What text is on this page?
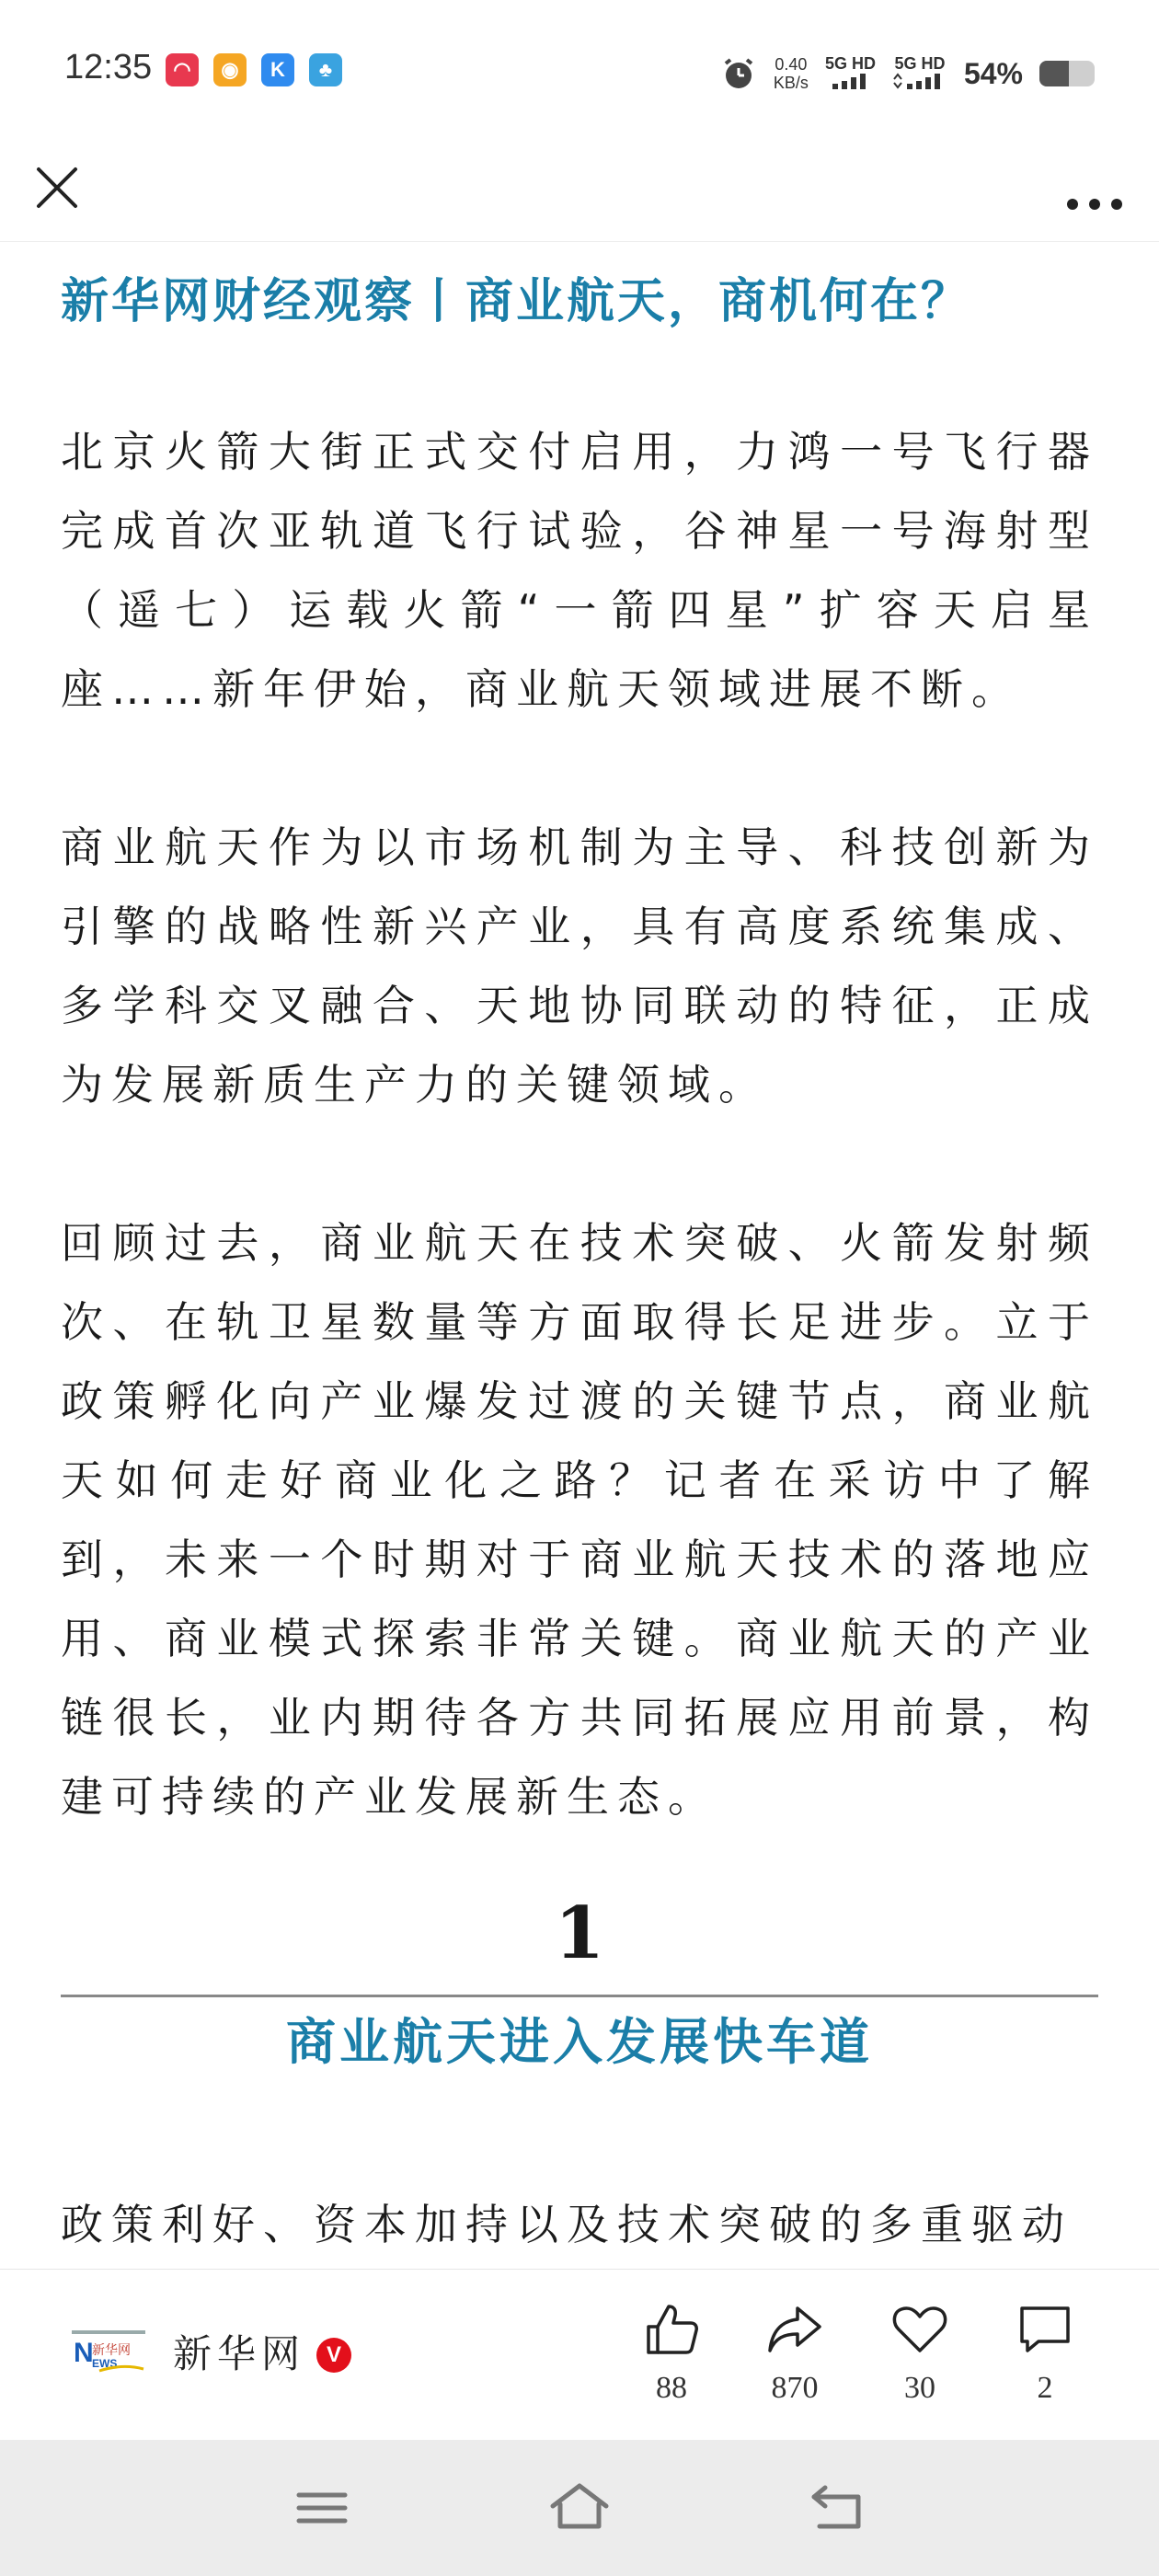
12:35	◠	◉	K	♣	0.40
KB/s
5G HD 5G HD 54%
新华网财经观察丨商业航天，商机何在？

北京火箭大街正式交付启用，力鸿一号飞行器完成首次亚轨道飞行试验，谷神星一号海射型（遥七）运载火箭“一箭四星”扩容天启星座……新年伊始，商业航天领域进展不断。

商业航天作为以市场机制为主导、科技创新为引擎的战略性新兴产业，具有高度系统集成、多学科交叉融合、天地协同联动的特征，正成为发展新质生产力的关键领域。

回顾过去，商业航天在技术突破、火箭发射频次、在轨卫星数量等方面取得长足进步。立于政策孵化向产业爆发过渡的关键节点，商业航天如何走好商业化之路？记者在采访中了解到，未来一个时期对于商业航天技术的落地应用、商业模式探索非常关键。商业航天的产业链很长，业内期待各方共同拓展应用前景，构建可持续的产业发展新生态。

1
商业航天进入发展快车道

政策利好、资本加持以及技术突破的多重驱动

N
新华网
EWS 新华网 V
88	870	30	2
